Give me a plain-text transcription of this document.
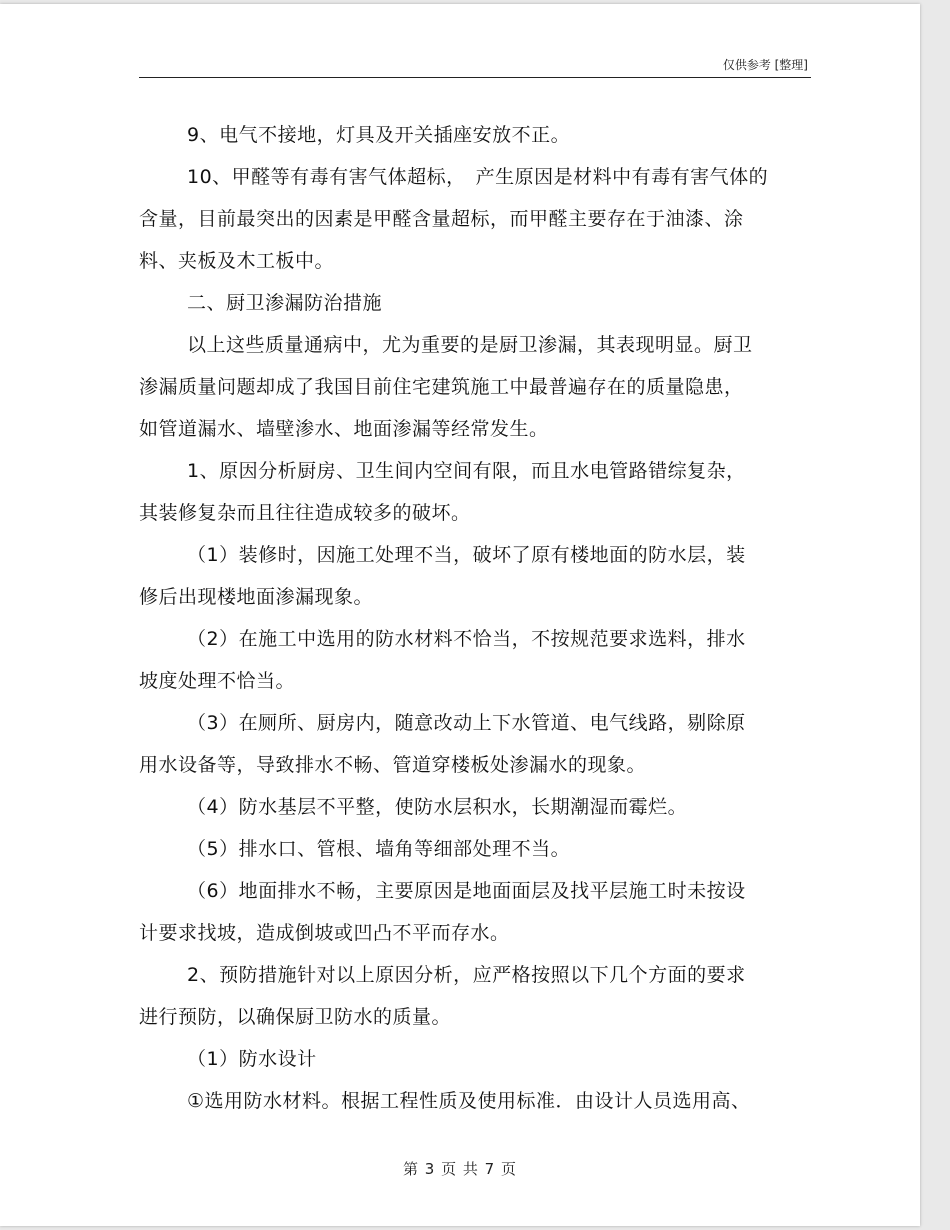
仅供参考 [整理]

9、电气不接地，灯具及开关插座安放不正。

10、甲醛等有毒有害气体超标，　产生原因是材料中有毒有害气体的
含量，目前最突出的因素是甲醛含量超标，而甲醛主要存在于油漆、涂
料、夹板及木工板中。

二、厨卫渗漏防治措施

以上这些质量通病中，尤为重要的是厨卫渗漏，其表现明显。厨卫
渗漏质量问题却成了我国目前住宅建筑施工中最普遍存在的质量隐患，
如管道漏水、墙壁渗水、地面渗漏等经常发生。

1、原因分析厨房、卫生间内空间有限，而且水电管路错综复杂，
其装修复杂而且往往造成较多的破坏。

（1）装修时，因施工处理不当，破坏了原有楼地面的防水层，装
修后出现楼地面渗漏现象。

（2）在施工中选用的防水材料不恰当，不按规范要求选料，排水
坡度处理不恰当。

（3）在厕所、厨房内，随意改动上下水管道、电气线路，剔除原
用水设备等，导致排水不畅、管道穿楼板处渗漏水的现象。

（4）防水基层不平整，使防水层积水，长期潮湿而霉烂。

（5）排水口、管根、墙角等细部处理不当。

（6）地面排水不畅，主要原因是地面面层及找平层施工时未按设
计要求找坡，造成倒坡或凹凸不平而存水。

2、预防措施针对以上原因分析，应严格按照以下几个方面的要求
进行预防，以确保厨卫防水的质量。

（1）防水设计

①选用防水材料。根据工程性质及使用标准．由设计人员选用高、

第 3 页 共 7 页
